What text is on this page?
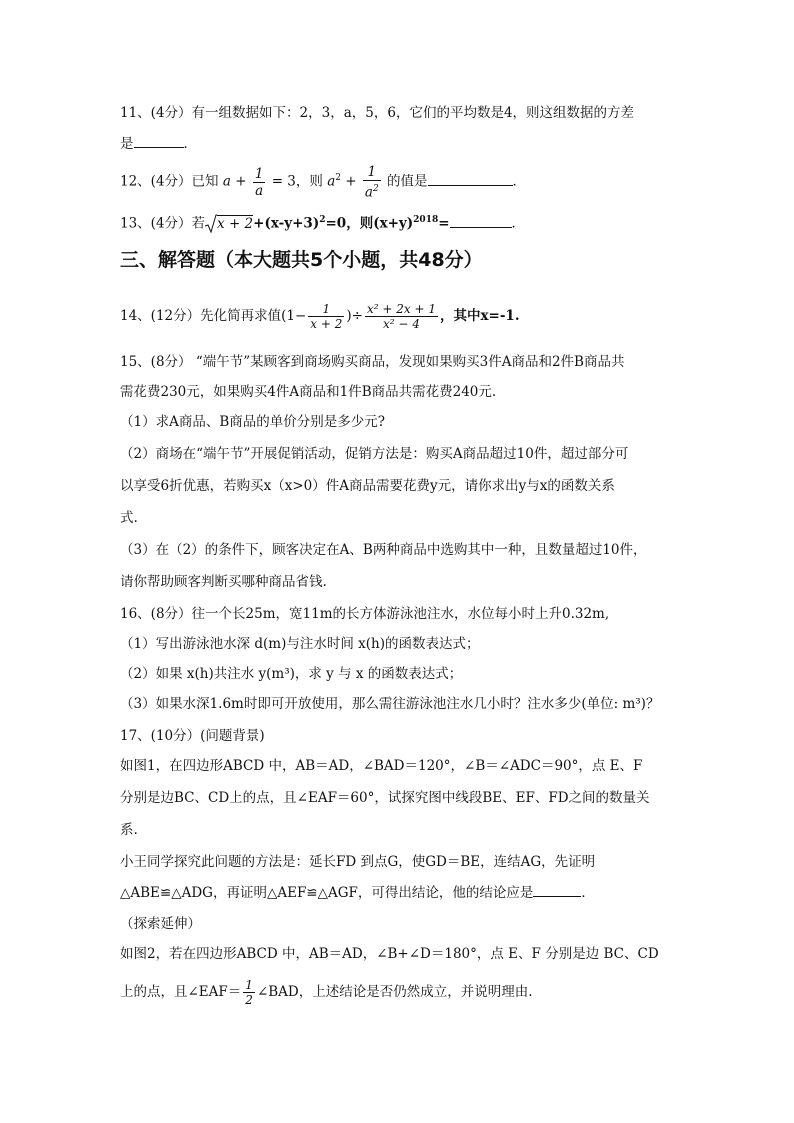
11、(4分）有一组数据如下：2，3，a，5，6，它们的平均数是4，则这组数据的方差
是	．
12、(4分）已知 $a + \frac{1}{a} = 3$，则 $a^2 + \frac{1}{a^2}$ 的值是	．
13、(4分）若 $x + 2+(x-y+3)^2=0$，则$(x+y)^{2018}=$	．
三、解答题（本大题共5个小题，共48分）
14、(12分）先化简再求值($1- \frac{1}{x + 2}$ )÷ $\frac{\text{x² + 2x + 1}}{\text{x² − 4}}$ ，其中x=-1.
15、(8分） “端午节”某顾客到商场购买商品，发现如果购买3件A商品和2件B商品共
需花费230元，如果购买4件A商品和1件B商品共需花费240元.
（1）求A商品、B商品的单价分别是多少元?
（2）商场在“端午节”开展促销活动，促销方法是：购买A商品超过10件，超过部分可
以享受6折优惠，若购买x（x>0）件A商品需要花费y元，请你求出y与x的函数关系
式.
（3）在（2）的条件下，顾客决定在A、B两种商品中选购其中一种，且数量超过10件，
请你帮助顾客判断买哪种商品省钱.
16、(8分）往一个长25m，宽11m的长方体游泳池注水，水位每小时上升0.32m,
（1）写出游泳池水深 d(m)与注水时间 x(h)的函数表达式；
（2）如果 x(h)共注水 y(m³)，求 y 与 x 的函数表达式；
（3）如果水深1.6m时即可开放使用，那么需往游泳池注水几小时？注水多少(单位: m³)？
17、(10分）(问题背景)
如图1，在四边形ABCD 中，AB＝AD，∠BAD＝120°，∠B＝∠ADC＝90°，点 E、F
分别是边BC、CD上的点，且∠EAF＝60°，试探究图中线段BE、EF、FD之间的数量关
系.
小王同学探究此问题的方法是：延长FD 到点G，使GD＝BE，连结AG，先证明
△ABE≌△ADG，再证明△AEF≌△AGF，可得出结论，他的结论应是	．
（探索延伸）
如图2，若在四边形ABCD 中，AB＝AD，∠B+∠D＝180°，点 E、F 分别是边 BC、CD
上的点，且∠EAF＝ $\frac{1}{2}$ ∠BAD，上述结论是否仍然成立，并说明理由.
